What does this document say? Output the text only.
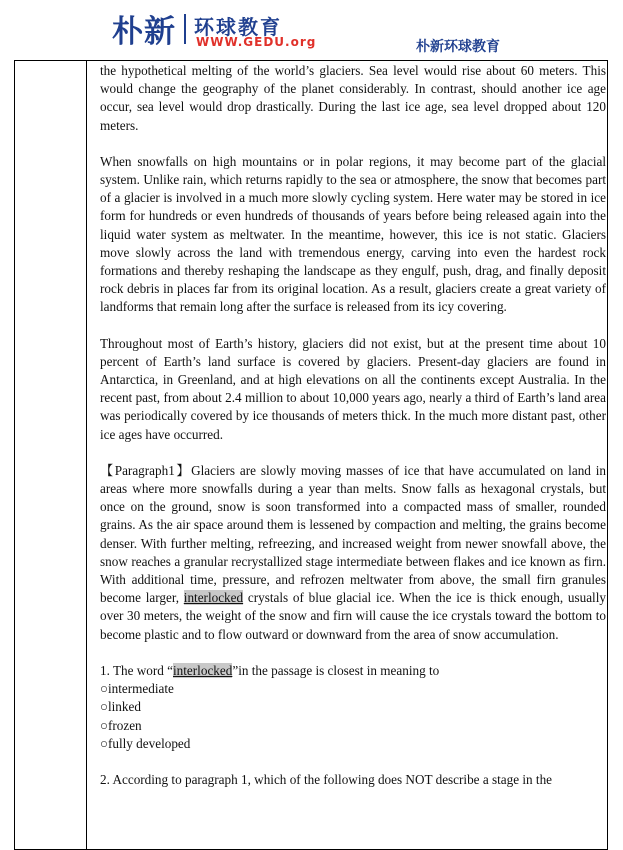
朴新 环球教育
WWW.GEDU.org	朴新环球教育

the hypothetical melting of the world’s glaciers. Sea level would rise about 60 meters. This would change the geography of the planet considerably. In contrast, should another ice age occur, sea level would drop drastically. During the last ice age, sea level dropped about 120 meters.

When snowfalls on high mountains or in polar regions, it may become part of the glacial system. Unlike rain, which returns rapidly to the sea or atmosphere, the snow that becomes part of a glacier is involved in a much more slowly cycling system. Here water may be stored in ice form for hundreds or even hundreds of thousands of years before being released again into the liquid water system as meltwater. In the meantime, however, this ice is not static. Glaciers move slowly across the land with tremendous energy, carving into even the hardest rock formations and thereby reshaping the landscape as they engulf, push, drag, and finally deposit rock debris in places far from its original location. As a result, glaciers create a great variety of landforms that remain long after the surface is released from its icy covering.

Throughout most of Earth’s history, glaciers did not exist, but at the present time about 10 percent of Earth’s land surface is covered by glaciers. Present-day glaciers are found in Antarctica, in Greenland, and at high elevations on all the continents except Australia. In the recent past, from about 2.4 million to about 10,000 years ago, nearly a third of Earth’s land area was periodically covered by ice thousands of meters thick. In the much more distant past, other ice ages have occurred.

【Paragraph1】Glaciers are slowly moving masses of ice that have accumulated on land in areas where more snowfalls during a year than melts. Snow falls as hexagonal crystals, but once on the ground, snow is soon transformed into a compacted mass of smaller, rounded grains. As the air space around them is lessened by compaction and melting, the grains become denser. With further melting, refreezing, and increased weight from newer snowfall above, the snow reaches a granular recrystallized stage intermediate between flakes and ice known as firn. With additional time, pressure, and refrozen meltwater from above, the small firn granules become larger, interlocked crystals of blue glacial ice. When the ice is thick enough, usually over 30 meters, the weight of the snow and firn will cause the ice crystals toward the bottom to become plastic and to flow outward or downward from the area of snow accumulation.

1. The word “interlocked”in the passage is closest in meaning to
○intermediate
○linked
○frozen
○fully developed
2. According to paragraph 1, which of the following does NOT describe a stage in the
